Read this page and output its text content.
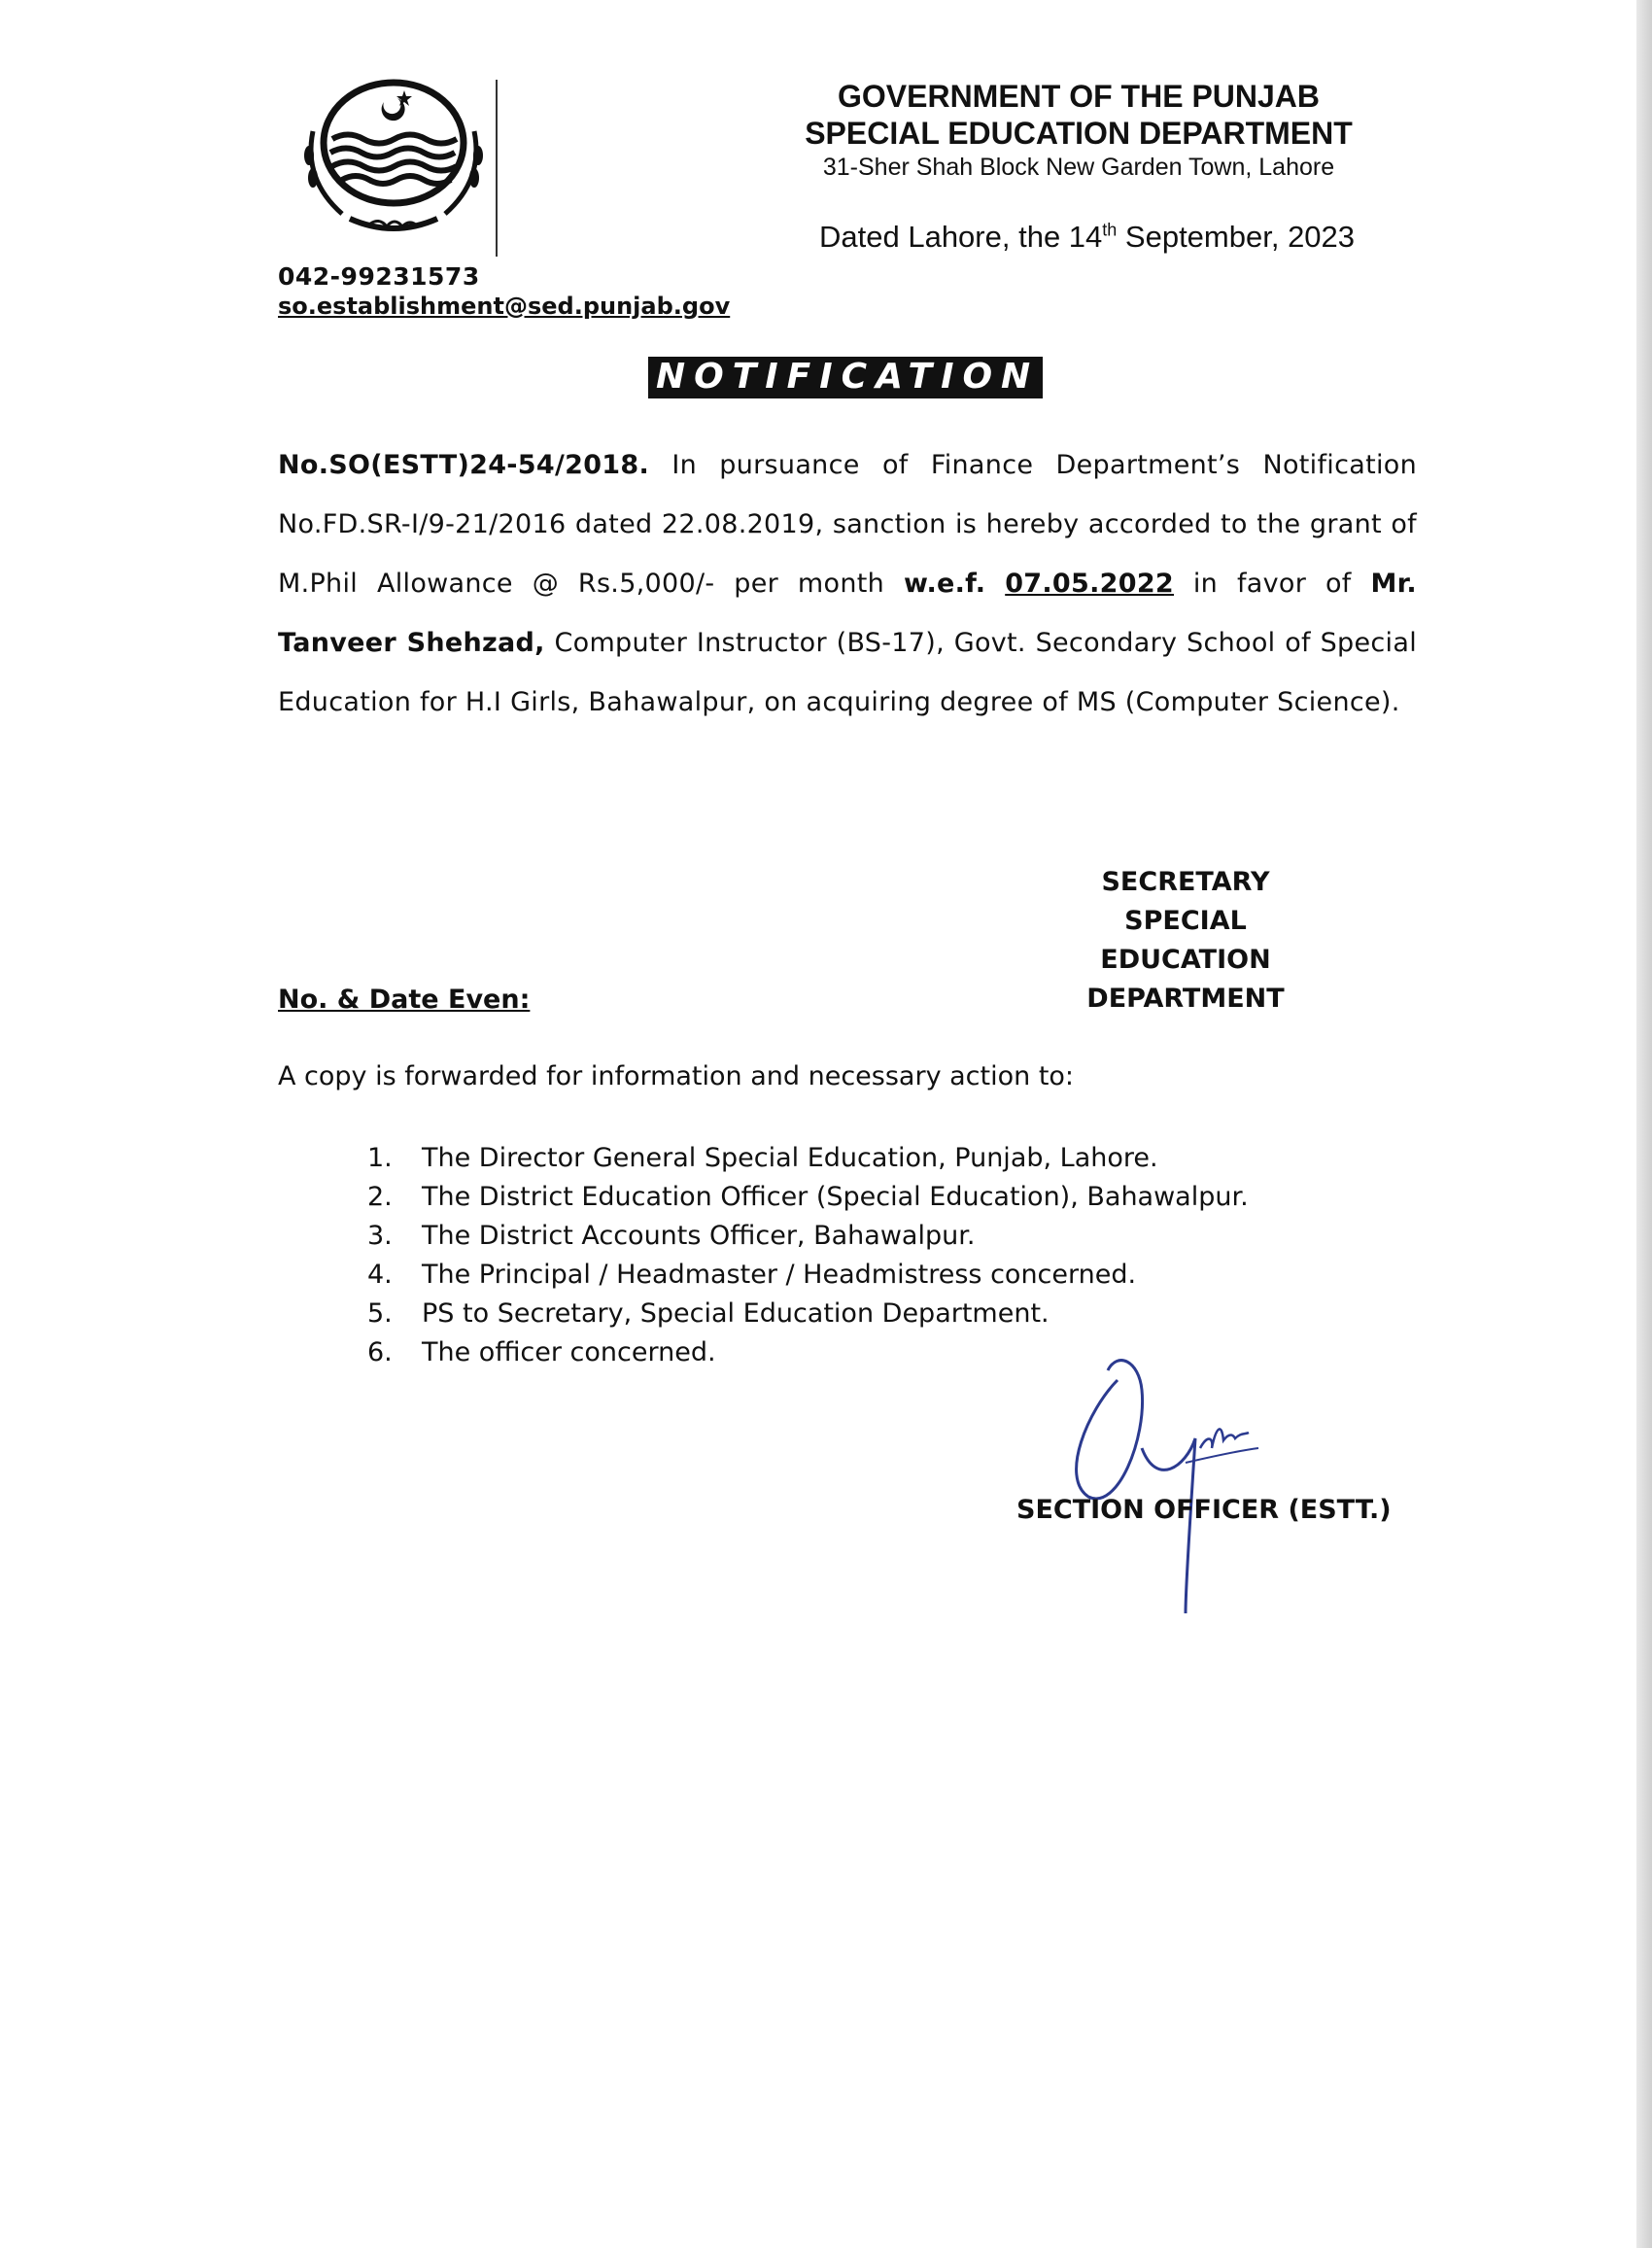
042-99231573
so.establishment@sed.punjab.gov
GOVERNMENT OF THE PUNJAB
SPECIAL EDUCATION DEPARTMENT
31-Sher Shah Block New Garden Town, Lahore
Dated Lahore, the 14th September, 2023
NOTIFICATION
No.SO(ESTT)24-54/2018. In pursuance of Finance Department’s Notification No.FD.SR-I/9-21/2016 dated 22.08.2019, sanction is hereby accorded to the grant of M.Phil Allowance @ Rs.5,000/- per month w.e.f. 07.05.2022 in favor of Mr. Tanveer Shehzad, Computer Instructor (BS-17), Govt. Secondary School of Special Education for H.I Girls, Bahawalpur, on acquiring degree of MS (Computer Science).
SECRETARY
SPECIAL EDUCATION
DEPARTMENT
No. & Date Even:
A copy is forwarded for information and necessary action to:
1.	The Director General Special Education, Punjab, Lahore.
2.	The District Education Officer (Special Education), Bahawalpur.
3.	The District Accounts Officer, Bahawalpur.
4.	The Principal / Headmaster / Headmistress concerned.
5.	PS to Secretary, Special Education Department.
6.	The officer concerned.
SECTION OFFICER (ESTT.)
